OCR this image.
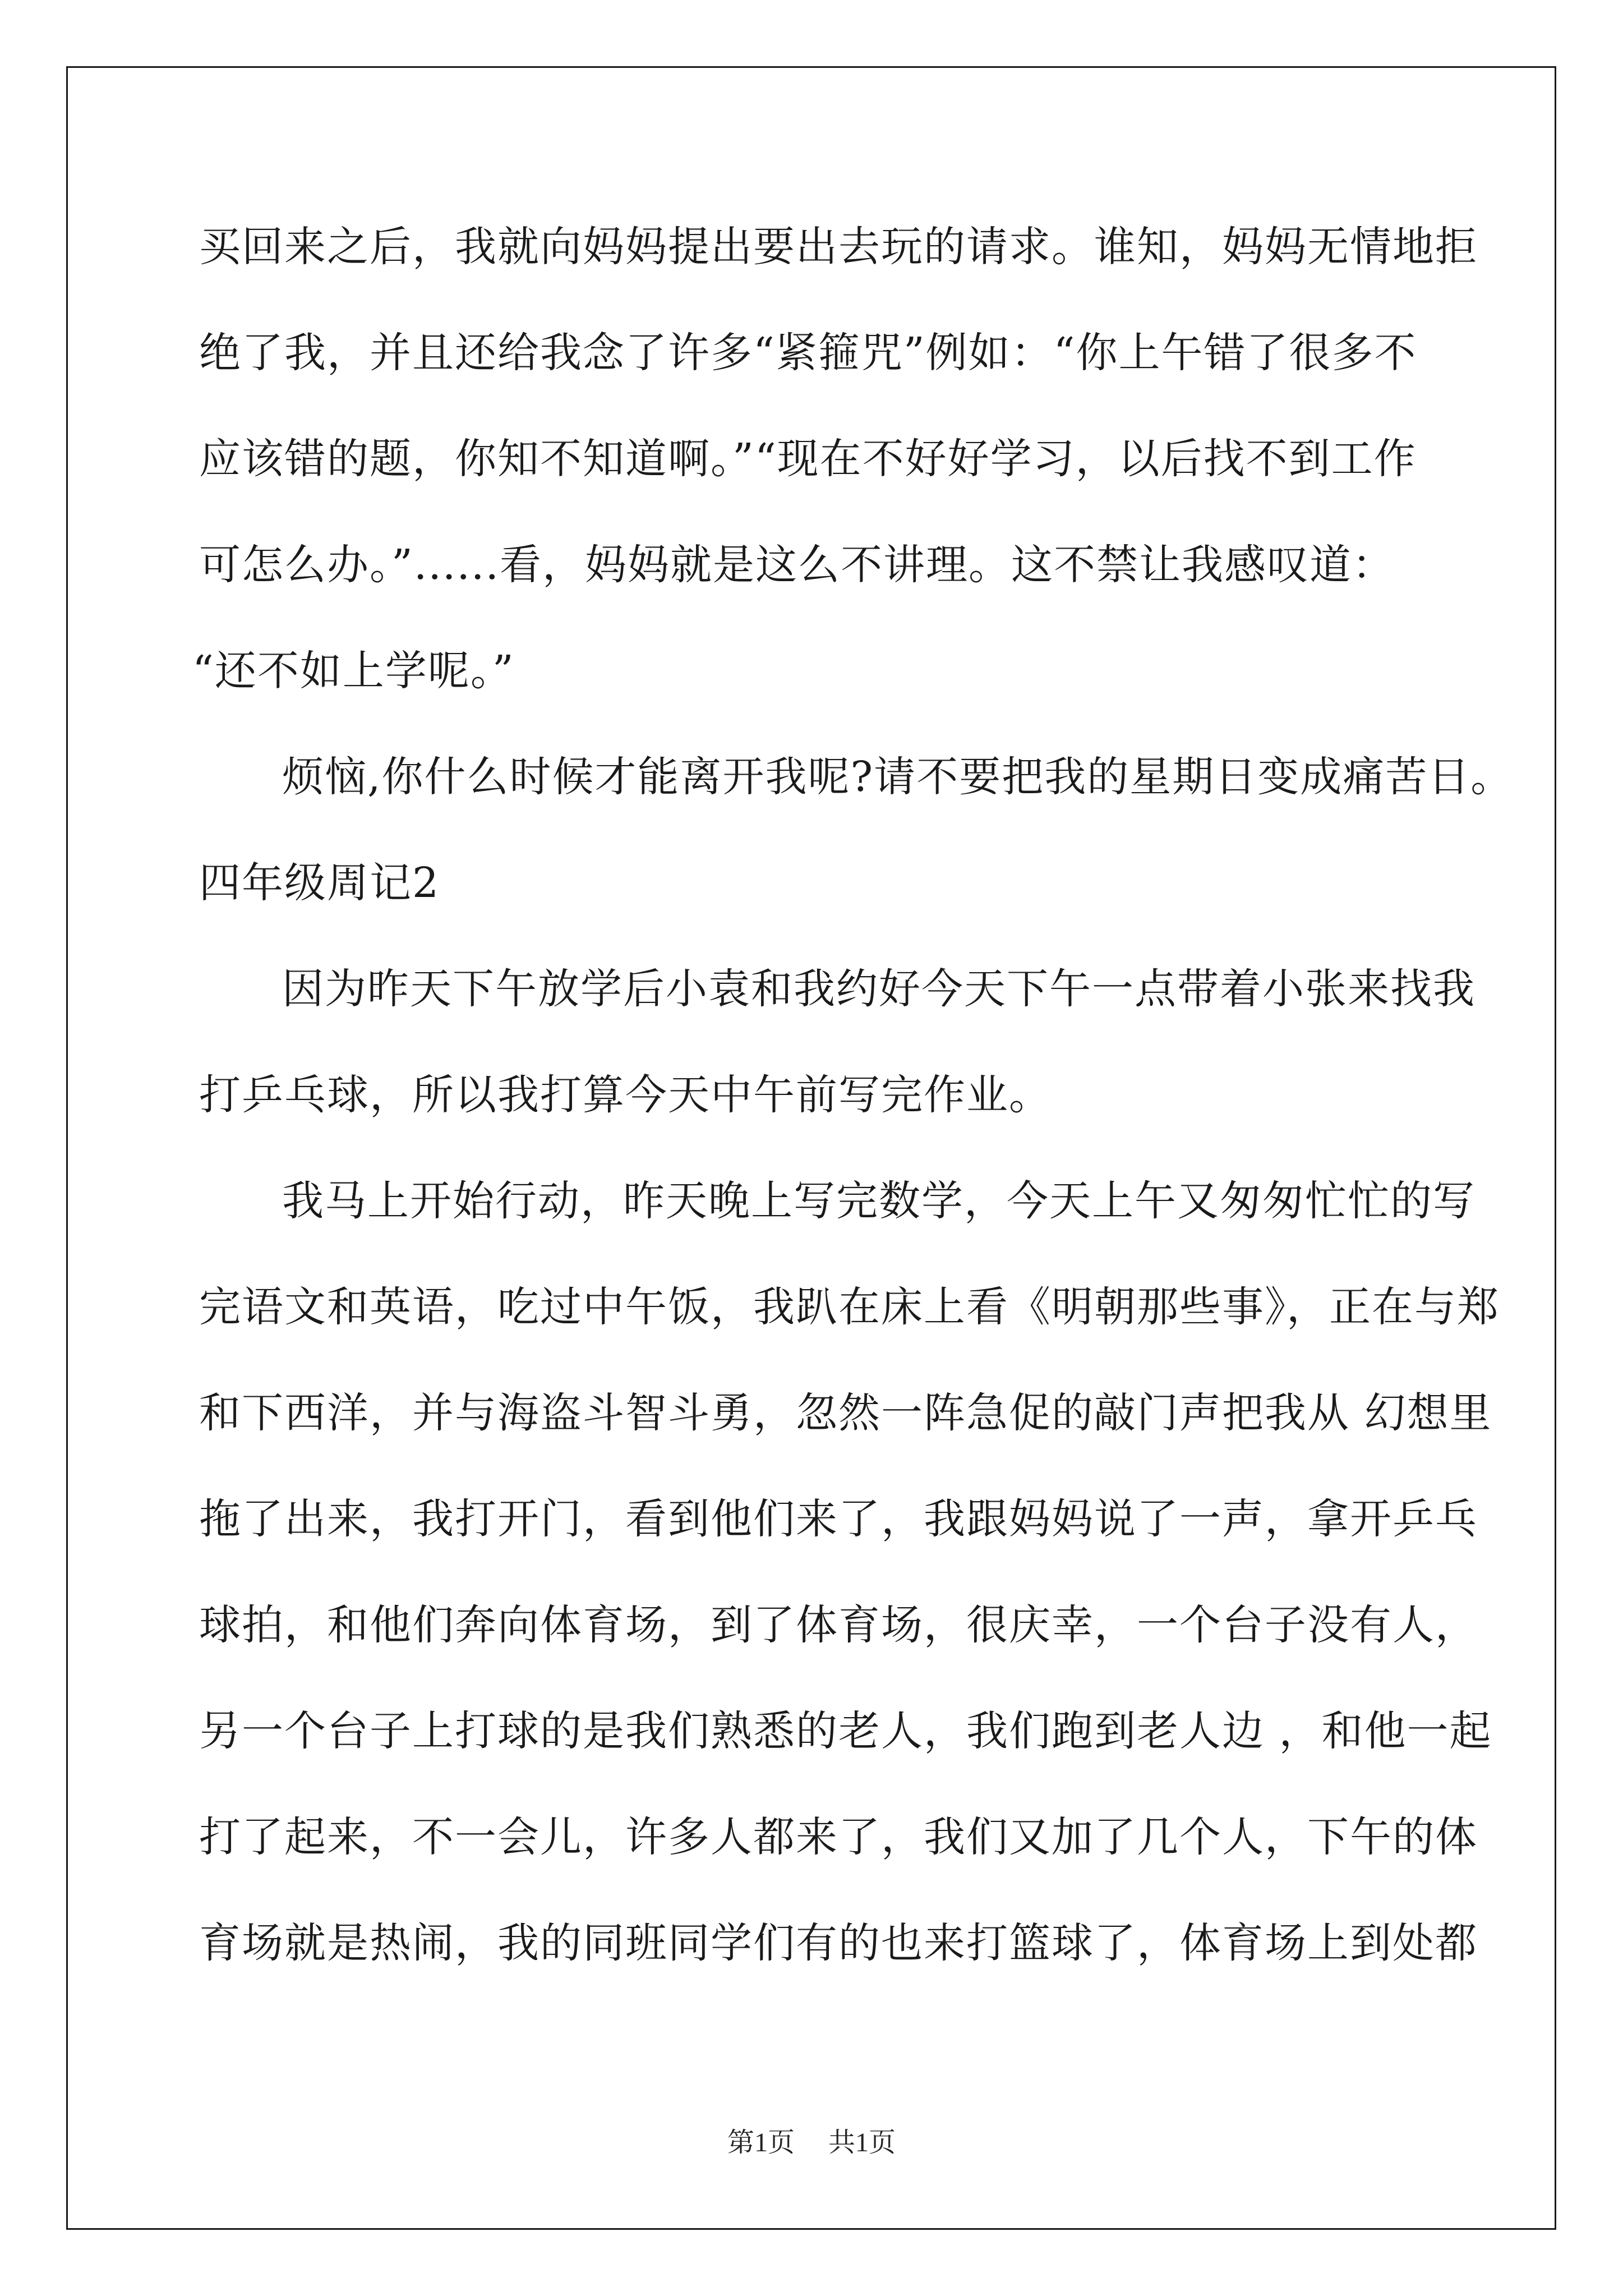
买回来之后，我就向妈妈提出要出去玩的请求。谁知，妈妈无情地拒
绝了我，并且还给我念了许多“紧箍咒”例如：“你上午错了很多不
应该错的题，你知不知道啊。”“现在不好好学习，以后找不到工作
可怎么办。”......看，妈妈就是这么不讲理。这不禁让我感叹道：
“还不如上学呢。”
烦恼,你什么时候才能离开我呢?请不要把我的星期日变成痛苦日。
四年级周记2
因为昨天下午放学后小袁和我约好今天下午一点带着小张来找我
打乒乓球，所以我打算今天中午前写完作业。
我马上开始行动，昨天晚上写完数学，今天上午又匆匆忙忙的写
完语文和英语，吃过中午饭，我趴在床上看《明朝那些事》，正在与郑
和下西洋，并与海盗斗智斗勇，忽然一阵急促的敲门声把我从 幻想里
拖了出来，我打开门，看到他们来了，我跟妈妈说了一声，拿开乒乓
球拍，和他们奔向体育场，到了体育场，很庆幸，一个台子没有人，
另一个台子上打球的是我们熟悉的老人，我们跑到老人边 ，和他一起
打了起来，不一会儿，许多人都来了，我们又加了几个人，下午的体
育场就是热闹，我的同班同学们有的也来打篮球了，体育场上到处都
第1页 共1页
